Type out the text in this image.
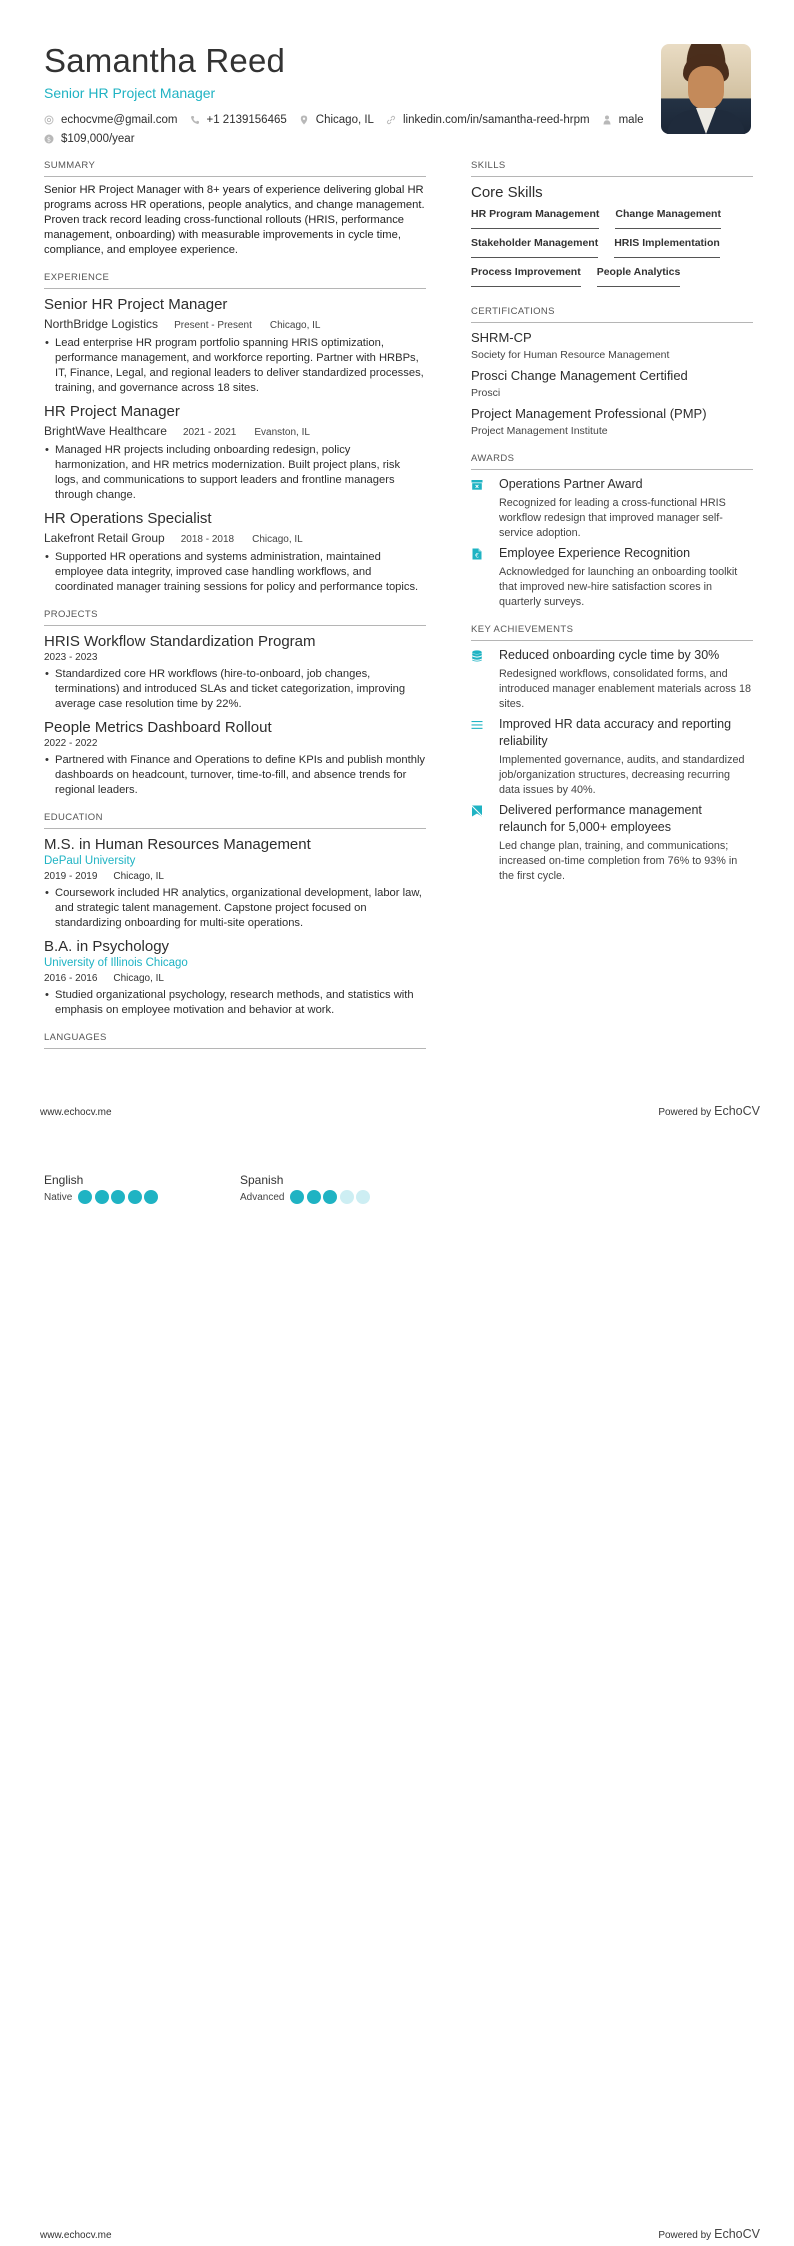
Samantha Reed
Senior HR Project Manager
echocvme@gmail.com	+1 2139156465	Chicago, IL	linkedin.com/in/samantha-reed-hrpm	male
$ $109,000/year
SUMMARY
Senior HR Project Manager with 8+ years of experience delivering global HR programs across HR operations, people analytics, and change management. Proven track record leading cross-functional rollouts (HRIS, performance management, onboarding) with measurable improvements in cycle time, compliance, and employee experience.
EXPERIENCE
Senior HR Project Manager
NorthBridge Logistics Present - Present Chicago, IL
• Lead enterprise HR program portfolio spanning HRIS optimization, performance management, and workforce reporting. Partner with HRBPs, IT, Finance, Legal, and regional leaders to deliver standardized processes, training, and governance across 18 sites.
HR Project Manager
BrightWave Healthcare 2021 - 2021 Evanston, IL
• Managed HR projects including onboarding redesign, policy harmonization, and HR metrics modernization. Built project plans, risk logs, and communications to support leaders and frontline managers through change.
HR Operations Specialist
Lakefront Retail Group 2018 - 2018 Chicago, IL
• Supported HR operations and systems administration, maintained employee data integrity, improved case handling workflows, and coordinated manager training sessions for policy and performance topics.
PROJECTS
HRIS Workflow Standardization Program
2023 - 2023
• Standardized core HR workflows (hire-to-onboard, job changes, terminations) and introduced SLAs and ticket categorization, improving average case resolution time by 22%.
People Metrics Dashboard Rollout
2022 - 2022
• Partnered with Finance and Operations to define KPIs and publish monthly dashboards on headcount, turnover, time-to-fill, and absence trends for regional leaders.
EDUCATION
M.S. in Human Resources Management
DePaul University
2019 - 2019 Chicago, IL
• Coursework included HR analytics, organizational development, labor law, and strategic talent management. Capstone project focused on standardizing onboarding for multi-site operations.
B.A. in Psychology
University of Illinois Chicago
2016 - 2016 Chicago, IL
• Studied organizational psychology, research methods, and statistics with emphasis on employee motivation and behavior at work.
LANGUAGES
SKILLS
Core Skills
HR Program Management Change Management
Stakeholder Management HRIS Implementation
Process Improvement People Analytics
CERTIFICATIONS
SHRM-CP
Society for Human Resource Management
Prosci Change Management Certified
Prosci
Project Management Professional (PMP)
Project Management Institute
AWARDS
Operations Partner Award
Recognized for leading a cross-functional HRIS workflow redesign that improved manager self-service adoption.
€ Employee Experience Recognition
Acknowledged for launching an onboarding toolkit that improved new-hire satisfaction scores in quarterly surveys.
KEY ACHIEVEMENTS
Reduced onboarding cycle time by 30%
Redesigned workflows, consolidated forms, and introduced manager enablement materials across 18 sites.
Improved HR data accuracy and reporting reliability
Implemented governance, audits, and standardized job/organization structures, decreasing recurring data issues by 40%.
Delivered performance management relaunch for 5,000+ employees
Led change plan, training, and communications; increased on-time completion from 76% to 93% in the first cycle.
www.echocv.me	Powered by EchoCV
English
Native
Spanish
Advanced
www.echocv.me	Powered by EchoCV
